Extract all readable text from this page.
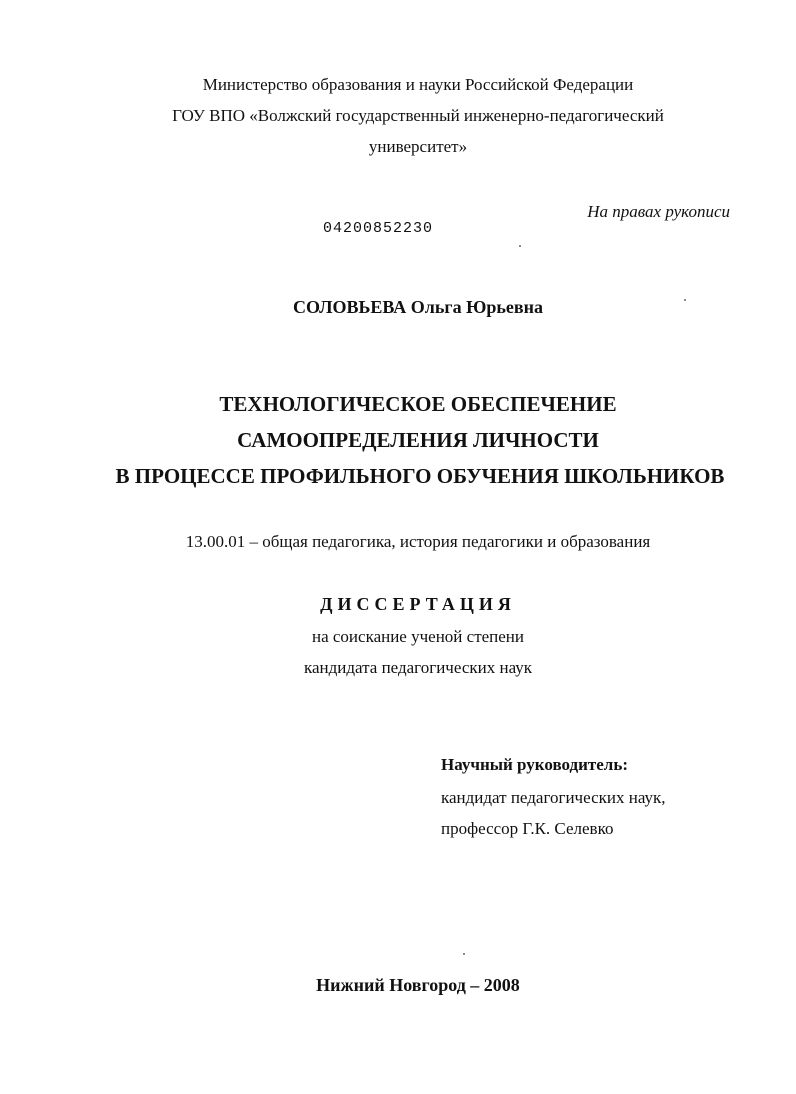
Министерство образования и науки Российской Федерации
ГОУ ВПО «Волжский государственный инженерно-педагогический
университет»
На правах рукописи
04200852230
СОЛОВЬЕВА Ольга Юрьевна
ТЕХНОЛОГИЧЕСКОЕ ОБЕСПЕЧЕНИЕ
САМООПРЕДЕЛЕНИЯ ЛИЧНОСТИ
В ПРОЦЕССЕ ПРОФИЛЬНОГО ОБУЧЕНИЯ ШКОЛЬНИКОВ
13.00.01 – общая педагогика, история педагогики и образования
ДИССЕРТАЦИЯ
на соискание ученой степени
кандидата педагогических наук
Научный руководитель:
кандидат педагогических наук,
профессор Г.К. Селевко
Нижний Новгород – 2008
